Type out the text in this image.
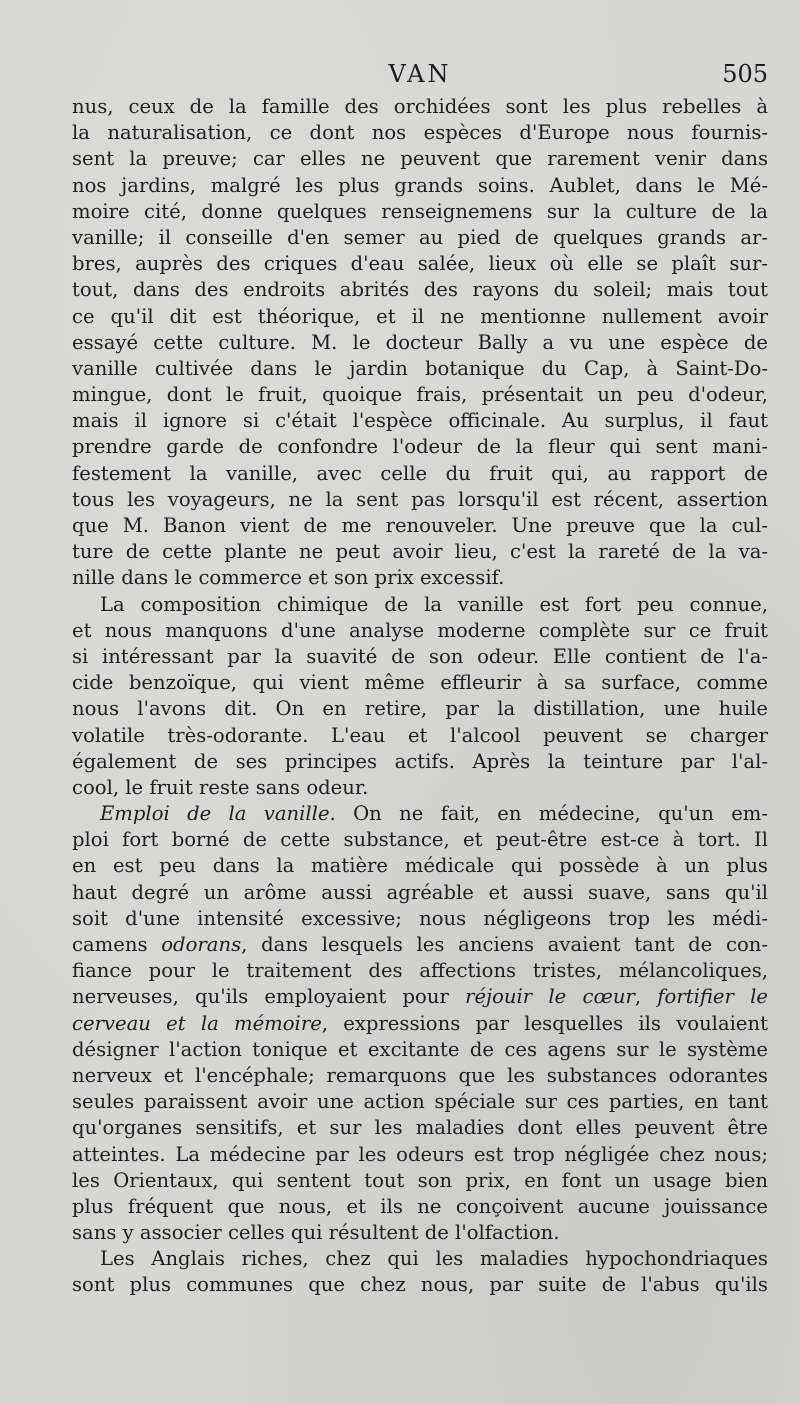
VAN	505
nus, ceux de la famille des orchidées sont les plus rebelles à
la naturalisation, ce dont nos espèces d'Europe nous fournis-
sent la preuve; car elles ne peuvent que rarement venir dans
nos jardins, malgré les plus grands soins. Aublet, dans le Mé-
moire cité, donne quelques renseignemens sur la culture de la
vanille; il conseille d'en semer au pied de quelques grands ar-
bres, auprès des criques d'eau salée, lieux où elle se plaît sur-
tout, dans des endroits abrités des rayons du soleil; mais tout
ce qu'il dit est théorique, et il ne mentionne nullement avoir
essayé cette culture. M. le docteur Bally a vu une espèce de
vanille cultivée dans le jardin botanique du Cap, à Saint-Do-
mingue, dont le fruit, quoique frais, présentait un peu d'odeur,
mais il ignore si c'était l'espèce officinale. Au surplus, il faut
prendre garde de confondre l'odeur de la fleur qui sent mani-
festement la vanille, avec celle du fruit qui, au rapport de
tous les voyageurs, ne la sent pas lorsqu'il est récent, assertion
que M. Banon vient de me renouveler. Une preuve que la cul-
ture de cette plante ne peut avoir lieu, c'est la rareté de la va-
nille dans le commerce et son prix excessif.
La composition chimique de la vanille est fort peu connue,
et nous manquons d'une analyse moderne complète sur ce fruit
si intéressant par la suavité de son odeur. Elle contient de l'a-
cide benzoïque, qui vient même effleurir à sa surface, comme
nous l'avons dit. On en retire, par la distillation, une huile
volatile très-odorante. L'eau et l'alcool peuvent se charger
également de ses principes actifs. Après la teinture par l'al-
cool, le fruit reste sans odeur.
Emploi de la vanille. On ne fait, en médecine, qu'un em-
ploi fort borné de cette substance, et peut-être est-ce à tort. Il
en est peu dans la matière médicale qui possède à un plus
haut degré un arôme aussi agréable et aussi suave, sans qu'il
soit d'une intensité excessive; nous négligeons trop les médi-
camens odorans, dans lesquels les anciens avaient tant de con-
fiance pour le traitement des affections tristes, mélancoliques,
nerveuses, qu'ils employaient pour réjouir le cœur, fortifier le
cerveau et la mémoire, expressions par lesquelles ils voulaient
désigner l'action tonique et excitante de ces agens sur le système
nerveux et l'encéphale; remarquons que les substances odorantes
seules paraissent avoir une action spéciale sur ces parties, en tant
qu'organes sensitifs, et sur les maladies dont elles peuvent être
atteintes. La médecine par les odeurs est trop négligée chez nous;
les Orientaux, qui sentent tout son prix, en font un usage bien
plus fréquent que nous, et ils ne conçoivent aucune jouissance
sans y associer celles qui résultent de l'olfaction.
Les Anglais riches, chez qui les maladies hypochondriaques
sont plus communes que chez nous, par suite de l'abus qu'ils
